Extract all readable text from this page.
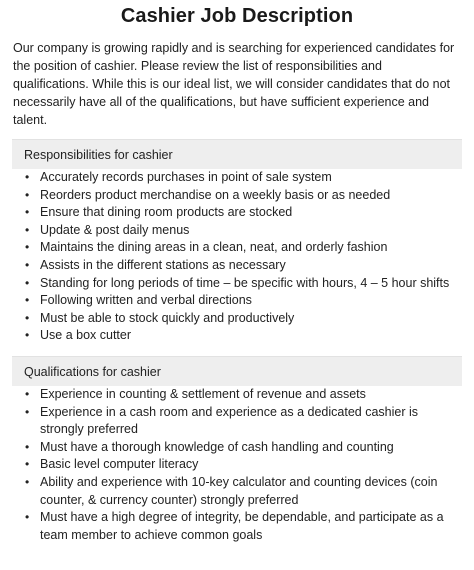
Cashier Job Description

Our company is growing rapidly and is searching for experienced candidates for the position of cashier. Please review the list of responsibilities and qualifications. While this is our ideal list, we will consider candidates that do not necessarily have all of the qualifications, but have sufficient experience and talent.

Responsibilities for cashier
• Accurately records purchases in point of sale system
• Reorders product merchandise on a weekly basis or as needed
• Ensure that dining room products are stocked
• Update & post daily menus
• Maintains the dining areas in a clean, neat, and orderly fashion
• Assists in the different stations as necessary
• Standing for long periods of time – be specific with hours, 4 – 5 hour shifts
• Following written and verbal directions
• Must be able to stock quickly and productively
• Use a box cutter
Qualifications for cashier
• Experience in counting & settlement of revenue and assets
• Experience in a cash room and experience as a dedicated cashier is strongly preferred
• Must have a thorough knowledge of cash handling and counting
• Basic level computer literacy
• Ability and experience with 10-key calculator and counting devices (coin counter, & currency counter) strongly preferred
• Must have a high degree of integrity, be dependable, and participate as a team member to achieve common goals
